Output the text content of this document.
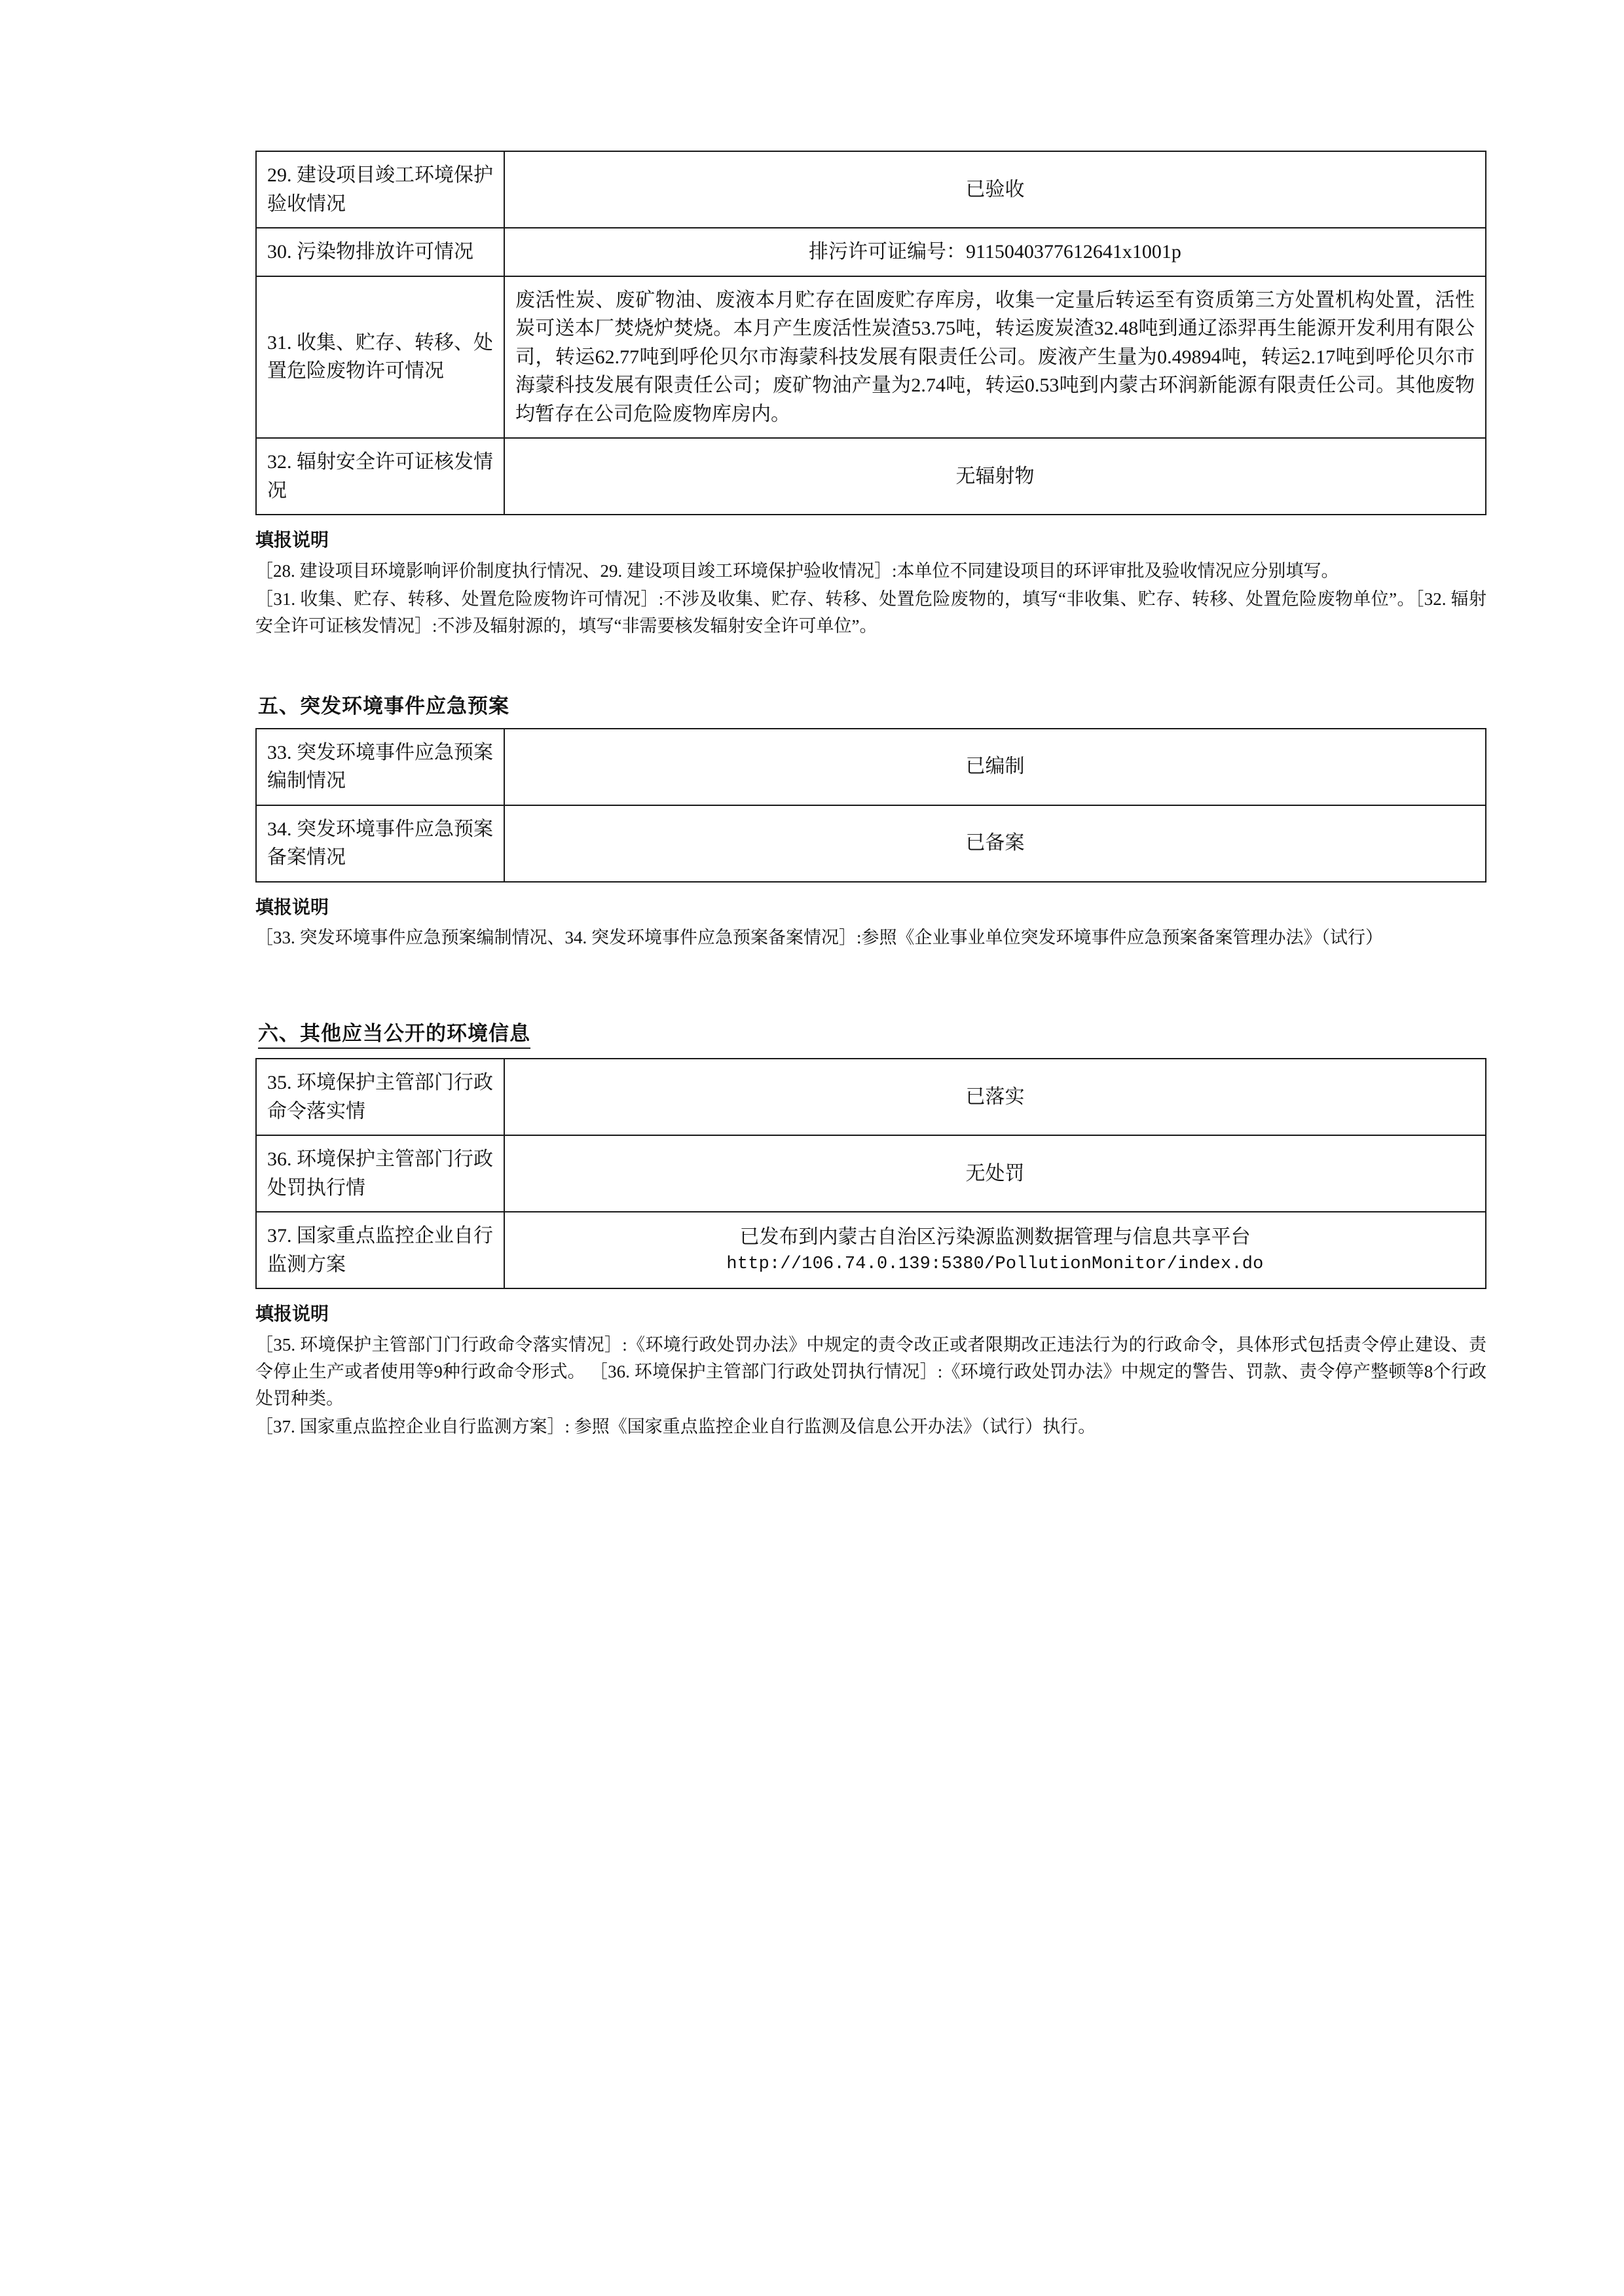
29. 建设项目竣工环境保护验收情况	已验收
30. 污染物排放许可情况	排污许可证编号：9115040377612641x1001p
31. 收集、贮存、转移、处置危险废物许可情况	废活性炭、废矿物油、废液本月贮存在固废贮存库房，收集一定量后转运至有资质第三方处置机构处置，活性炭可送本厂焚烧炉焚烧。本月产生废活性炭渣53.75吨，转运废炭渣32.48吨到通辽添羿再生能源开发利用有限公司，转运62.77吨到呼伦贝尔市海蒙科技发展有限责任公司。废液产生量为0.49894吨，转运2.17吨到呼伦贝尔市海蒙科技发展有限责任公司；废矿物油产量为2.74吨，转运0.53吨到内蒙古环润新能源有限责任公司。其他废物均暂存在公司危险废物库房内。
32. 辐射安全许可证核发情况	无辐射物
填报说明

［28. 建设项目环境影响评价制度执行情况、29. 建设项目竣工环境保护验收情况］:本单位不同建设项目的环评审批及验收情况应分别填写。

［31. 收集、贮存、转移、处置危险废物许可情况］:不涉及收集、贮存、转移、处置危险废物的，填写“非收集、贮存、转移、处置危险废物单位”。［32. 辐射安全许可证核发情况］:不涉及辐射源的，填写“非需要核发辐射安全许可单位”。

五、突发环境事件应急预案
33. 突发环境事件应急预案编制情况	已编制
34. 突发环境事件应急预案备案情况	已备案
填报说明

［33. 突发环境事件应急预案编制情况、34. 突发环境事件应急预案备案情况］:参照《企业事业单位突发环境事件应急预案备案管理办法》（试行）

六、其他应当公开的环境信息
35. 环境保护主管部门行政命令落实情	已落实
36. 环境保护主管部门行政处罚执行情	无处罚
37. 国家重点监控企业自行监测方案	已发布到内蒙古自治区污染源监测数据管理与信息共享平台
http://106.74.0.139:5380/PollutionMonitor/index.do
填报说明

［35. 环境保护主管部门门行政命令落实情况］:《环境行政处罚办法》中规定的责令改正或者限期改正违法行为的行政命令，具体形式包括责令停止建设、责令停止生产或者使用等9种行政命令形式。 ［36. 环境保护主管部门行政处罚执行情况］:《环境行政处罚办法》中规定的警告、罚款、责令停产整顿等8个行政处罚种类。

［37. 国家重点监控企业自行监测方案］: 参照《国家重点监控企业自行监测及信息公开办法》（试行）执行。
